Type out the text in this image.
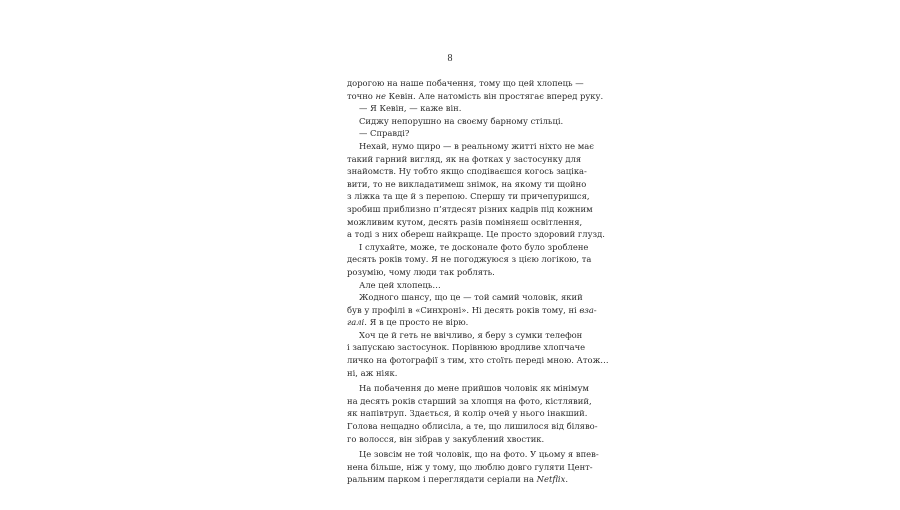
8
дорогою на наше побачення, тому що цей хлопець —
точно не Кевін. Але натомість він простягає вперед руку.
— Я Кевін, — каже він.
Сиджу непорушно на своєму барному стільці.
— Справді?
Нехай, нумо щиро — в реальному житті ніхто не має
такий гарний вигляд, як на фотках у застосунку для
знайомств. Ну тобто якщо сподіваєшся когось заціка-
вити, то не викладатимеш знімок, на якому ти щойно
з ліжка та ще й з перепою. Спершу ти причепуришся,
зробиш приблизно п’ятдесят різних кадрів під кожним
можливим кутом, десять разів поміняєш освітлення,
а тоді з них обереш найкраще. Це просто здоровий глузд.
І слухайте, може, те досконале фото було зроблене
десять років тому. Я не погоджуюся з цією логікою, та
розумію, чому люди так роблять.
Але цей хлопець…
Жодного шансу, що це — той самий чоловік, який
був у профілі в «Синхроні». Ні десять років тому, ні вза-
галі. Я в це просто не вірю.
Хоч це й геть не ввічливо, я беру з сумки телефон
і запускаю застосунок. Порівнюю вродливе хлопчаче
личко на фотографії з тим, хто стоїть переді мною. Атож…
ні, аж ніяк.
На побачення до мене прийшов чоловік як мінімум
на десять років старший за хлопця на фото, кістлявий,
як напівтруп. Здається, й колір очей у нього інакший.
Голова нещадно облисіла, а те, що лишилося від біляво-
го волосся, він зібрав у закублений хвостик.
Це зовсім не той чоловік, що на фото. У цьому я впев-
нена більше, ніж у тому, що люблю довго гуляти Цент-
ральним парком і переглядати серіали на Netflix.
